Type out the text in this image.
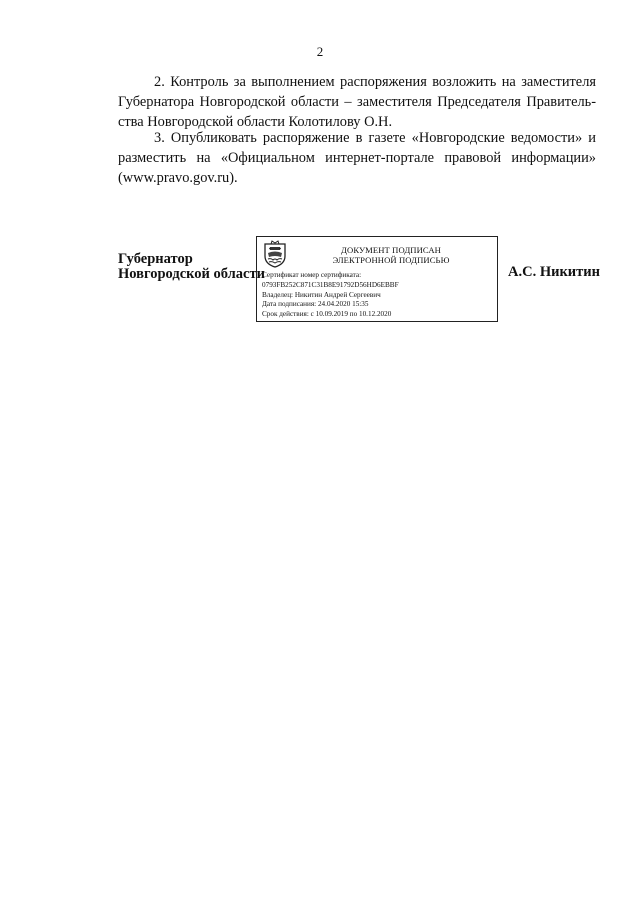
2
2. Контроль за выполнением распоряжения возложить на заместителя
Губернатора Новгородской области – заместителя Председателя Правитель-
ства Новгородской области Колотилову О.Н.
3. Опубликовать распоряжение в газете «Новгородские ведомости» и
разместить на «Официальном интернет-портале правовой информации»
(www.pravo.gov.ru).
Губернатор
Новгородской области
ДОКУМЕНТ ПОДПИСАН
ЭЛЕКТРОННОЙ ПОДПИСЬЮ
Сертификат номер сертификата:
0793FB252C871C31B8E91792D56HD6EBBF
Владелец: Никитин Андрей Сергеевич
Дата подписания: 24.04.2020 15:35
Срок действия: с 10.09.2019 по 10.12.2020
А.С. Никитин
